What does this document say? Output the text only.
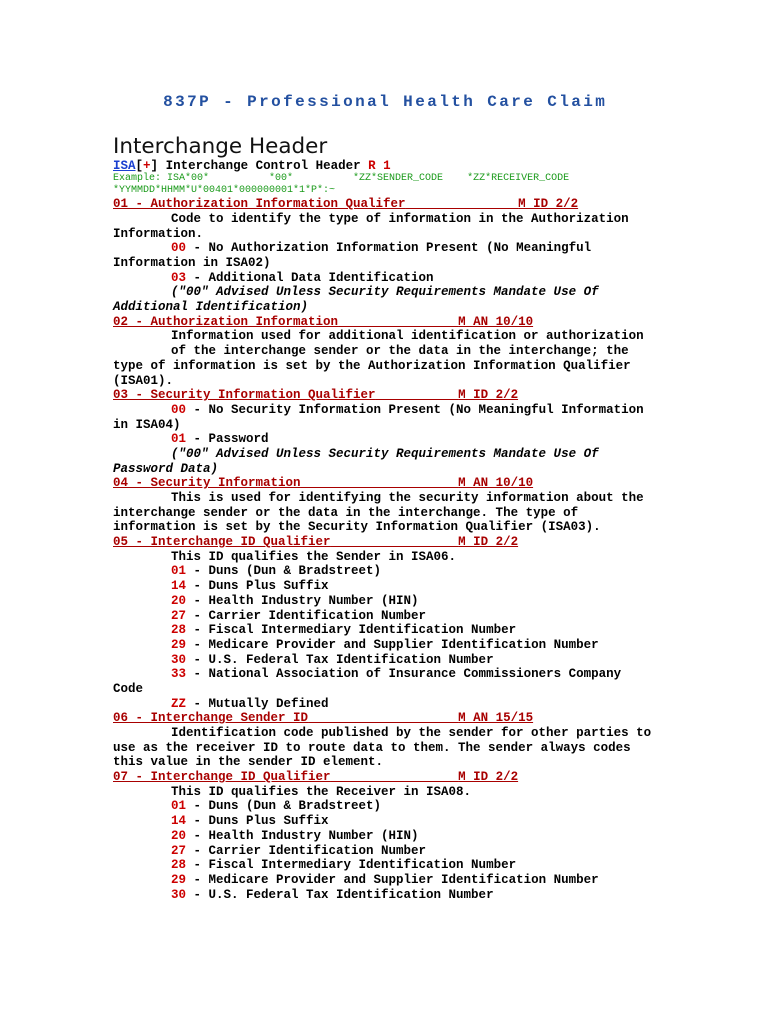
837P - Professional Health Care Claim
Interchange Header
ISA[+] Interchange Control Header R 1
Example: ISA*00*          *00*          *ZZ*SENDER_CODE    *ZZ*RECEIVER_CODE
*YYMMDD*HHMM*U*00401*000000001*1*P*:~
01 - Authorization Information Qualifer	M ID 2/2
Code to identify the type of information in the Authorization
Information.
00 - No Authorization Information Present (No Meaningful
Information in ISA02)
03 - Additional Data Identification
("00" Advised Unless Security Requirements Mandate Use Of
Additional Identification)
02 - Authorization Information	M AN 10/10
Information used for additional identification or authorization
of the interchange sender or the data in the interchange; the
type of information is set by the Authorization Information Qualifier
(ISA01).
03 - Security Information Qualifier	M ID 2/2
00 - No Security Information Present (No Meaningful Information
in ISA04)
01 - Password
("00" Advised Unless Security Requirements Mandate Use Of
Password Data)
04 - Security Information	M AN 10/10
This is used for identifying the security information about the
interchange sender or the data in the interchange. The type of
information is set by the Security Information Qualifier (ISA03).
05 - Interchange ID Qualifier	M ID 2/2
This ID qualifies the Sender in ISA06.
01 - Duns (Dun & Bradstreet)
14 - Duns Plus Suffix
20 - Health Industry Number (HIN)
27 - Carrier Identification Number
28 - Fiscal Intermediary Identification Number
29 - Medicare Provider and Supplier Identification Number
30 - U.S. Federal Tax Identification Number
33 - National Association of Insurance Commissioners Company
Code
ZZ - Mutually Defined
06 - Interchange Sender ID	M AN 15/15
Identification code published by the sender for other parties to
use as the receiver ID to route data to them. The sender always codes
this value in the sender ID element.
07 - Interchange ID Qualifier	M ID 2/2
This ID qualifies the Receiver in ISA08.
01 - Duns (Dun & Bradstreet)
14 - Duns Plus Suffix
20 - Health Industry Number (HIN)
27 - Carrier Identification Number
28 - Fiscal Intermediary Identification Number
29 - Medicare Provider and Supplier Identification Number
30 - U.S. Federal Tax Identification Number
